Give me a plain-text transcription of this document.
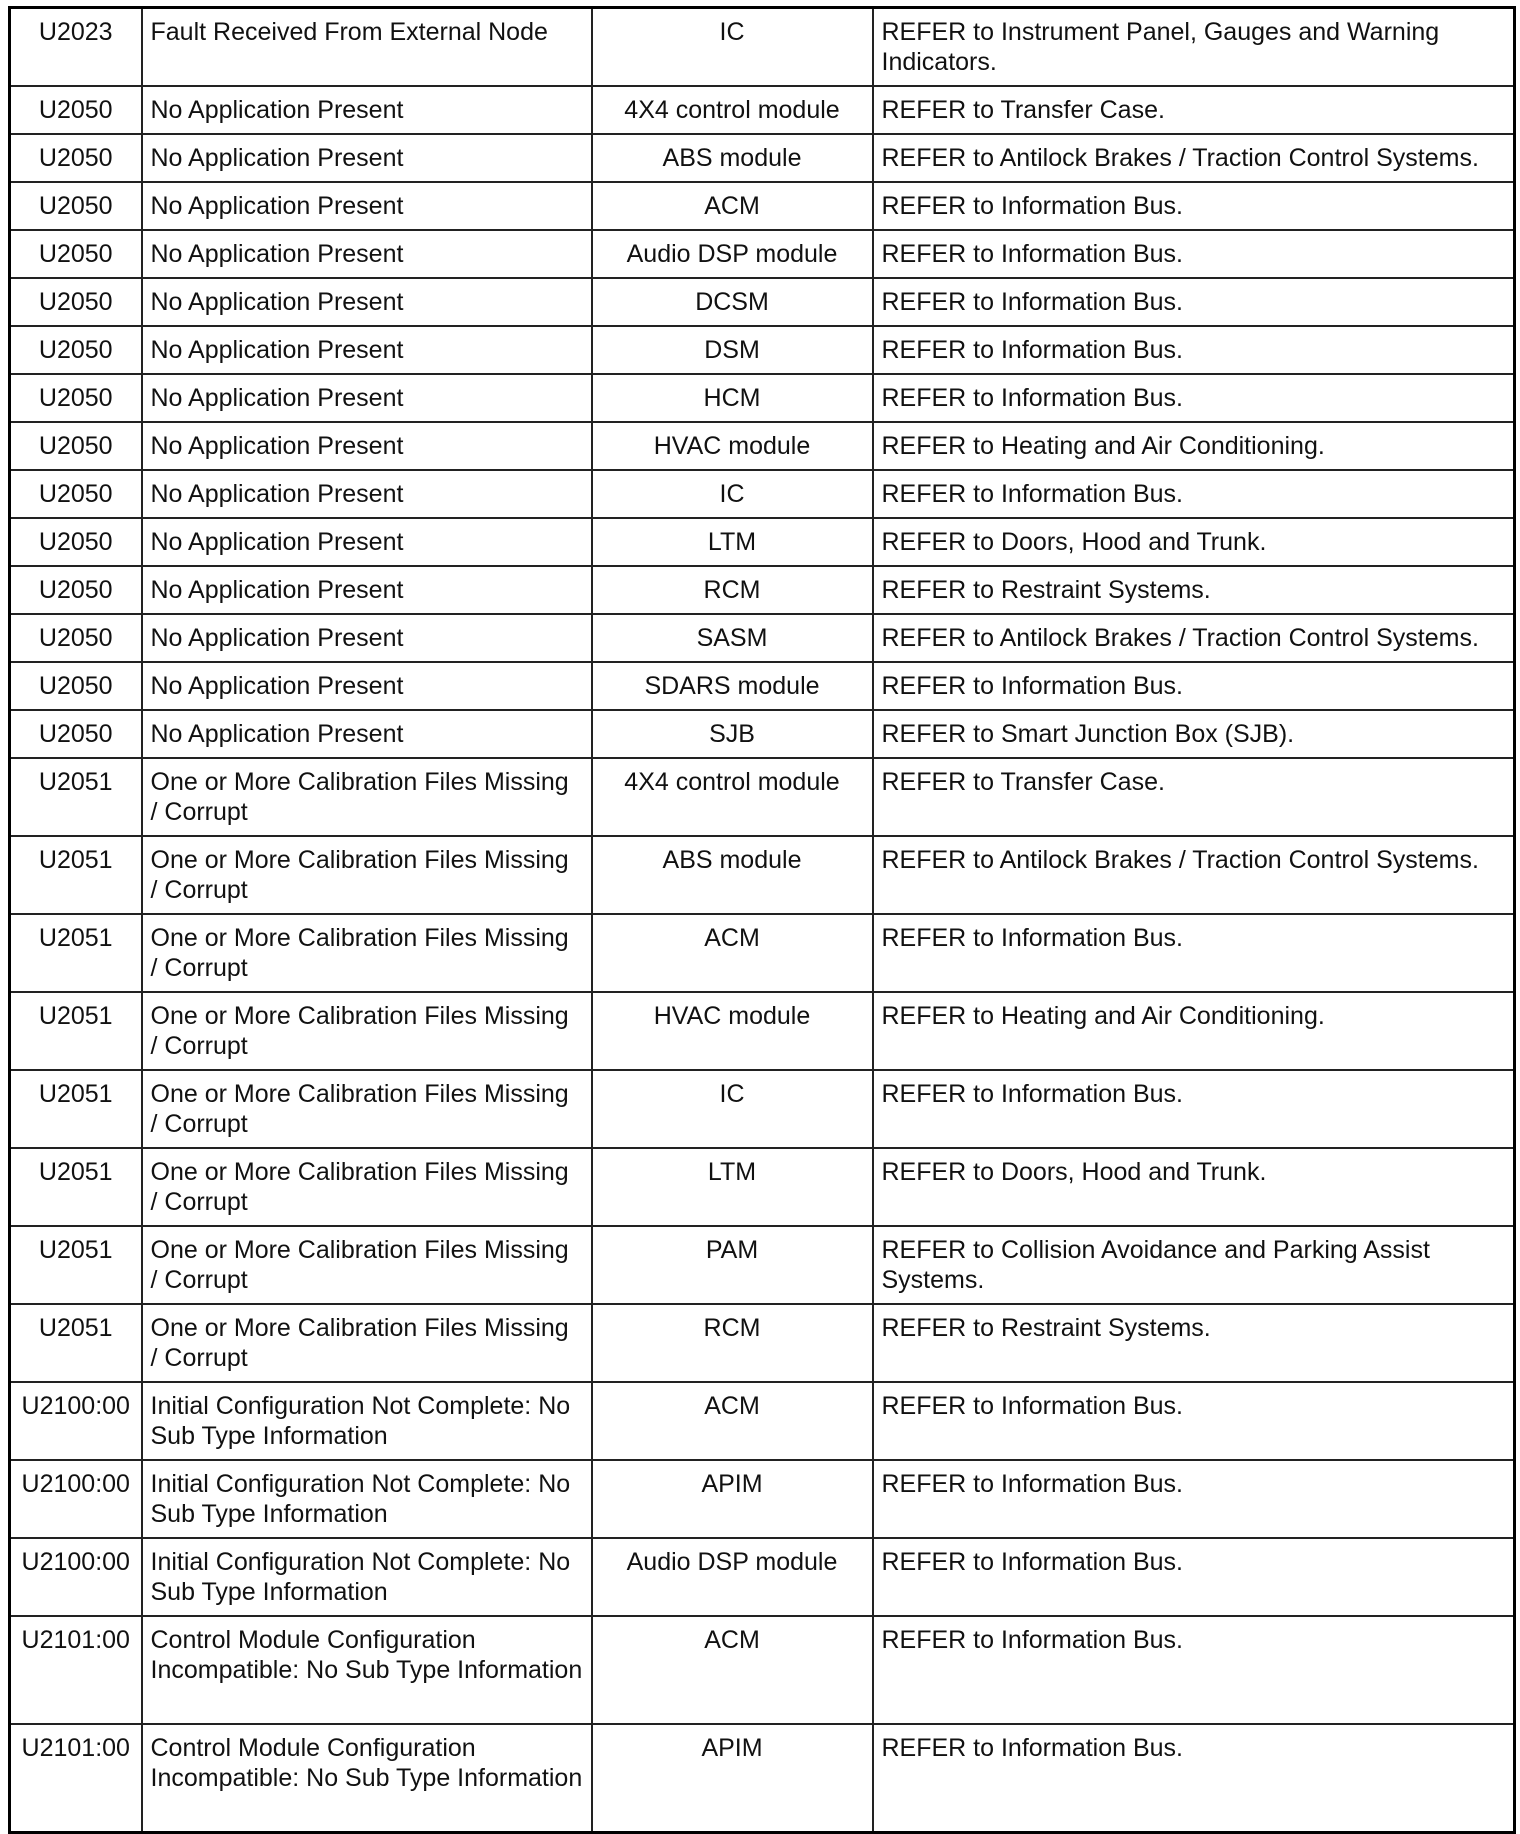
U2023	Fault Received From External Node	IC	REFER to Instrument Panel, Gauges and Warning Indicators.
U2050	No Application Present	4X4 control module	REFER to Transfer Case.
U2050	No Application Present	ABS module	REFER to Antilock Brakes / Traction Control Systems.
U2050	No Application Present	ACM	REFER to Information Bus.
U2050	No Application Present	Audio DSP module	REFER to Information Bus.
U2050	No Application Present	DCSM	REFER to Information Bus.
U2050	No Application Present	DSM	REFER to Information Bus.
U2050	No Application Present	HCM	REFER to Information Bus.
U2050	No Application Present	HVAC module	REFER to Heating and Air Conditioning.
U2050	No Application Present	IC	REFER to Information Bus.
U2050	No Application Present	LTM	REFER to Doors, Hood and Trunk.
U2050	No Application Present	RCM	REFER to Restraint Systems.
U2050	No Application Present	SASM	REFER to Antilock Brakes / Traction Control Systems.
U2050	No Application Present	SDARS module	REFER to Information Bus.
U2050	No Application Present	SJB	REFER to Smart Junction Box (SJB).
U2051	One or More Calibration Files Missing / Corrupt	4X4 control module	REFER to Transfer Case.
U2051	One or More Calibration Files Missing / Corrupt	ABS module	REFER to Antilock Brakes / Traction Control Systems.
U2051	One or More Calibration Files Missing / Corrupt	ACM	REFER to Information Bus.
U2051	One or More Calibration Files Missing / Corrupt	HVAC module	REFER to Heating and Air Conditioning.
U2051	One or More Calibration Files Missing / Corrupt	IC	REFER to Information Bus.
U2051	One or More Calibration Files Missing / Corrupt	LTM	REFER to Doors, Hood and Trunk.
U2051	One or More Calibration Files Missing / Corrupt	PAM	REFER to Collision Avoidance and Parking Assist Systems.
U2051	One or More Calibration Files Missing / Corrupt	RCM	REFER to Restraint Systems.
U2100:00	Initial Configuration Not Complete: No Sub Type Information	ACM	REFER to Information Bus.
U2100:00	Initial Configuration Not Complete: No Sub Type Information	APIM	REFER to Information Bus.
U2100:00	Initial Configuration Not Complete: No Sub Type Information	Audio DSP module	REFER to Information Bus.
U2101:00	Control Module Configuration Incompatible: No Sub Type Information	ACM	REFER to Information Bus.
U2101:00	Control Module Configuration Incompatible: No Sub Type Information	APIM	REFER to Information Bus.
